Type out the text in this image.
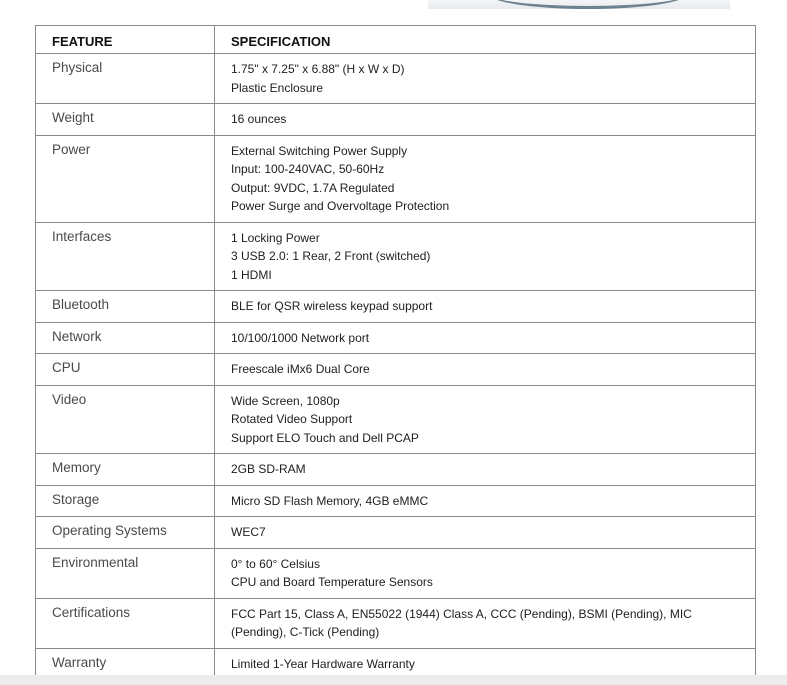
FEATURE	SPECIFICATION
Physical	1.75" x 7.25" x 6.88" (H x W x D)
Plastic Enclosure

Weight	16 ounces

Power	External Switching Power Supply
Input: 100-240VAC, 50-60Hz
Output: 9VDC, 1.7A Regulated
Power Surge and Overvoltage Protection

Interfaces	1 Locking Power
3 USB 2.0: 1 Rear, 2 Front (switched)
1 HDMI

Bluetooth	BLE for QSR wireless keypad support

Network	10/100/1000 Network port

CPU	Freescale iMx6 Dual Core

Video	Wide Screen, 1080p
Rotated Video Support
Support ELO Touch and Dell PCAP

Memory	2GB SD-RAM

Storage	Micro SD Flash Memory, 4GB eMMC

Operating Systems	WEC7

Environmental	0° to 60° Celsius
CPU and Board Temperature Sensors

Certifications	FCC Part 15, Class A, EN55022 (1944) Class A, CCC (Pending), BSMI (Pending), MIC (Pending), C-Tick (Pending)

Warranty	Limited 1-Year Hardware Warranty
